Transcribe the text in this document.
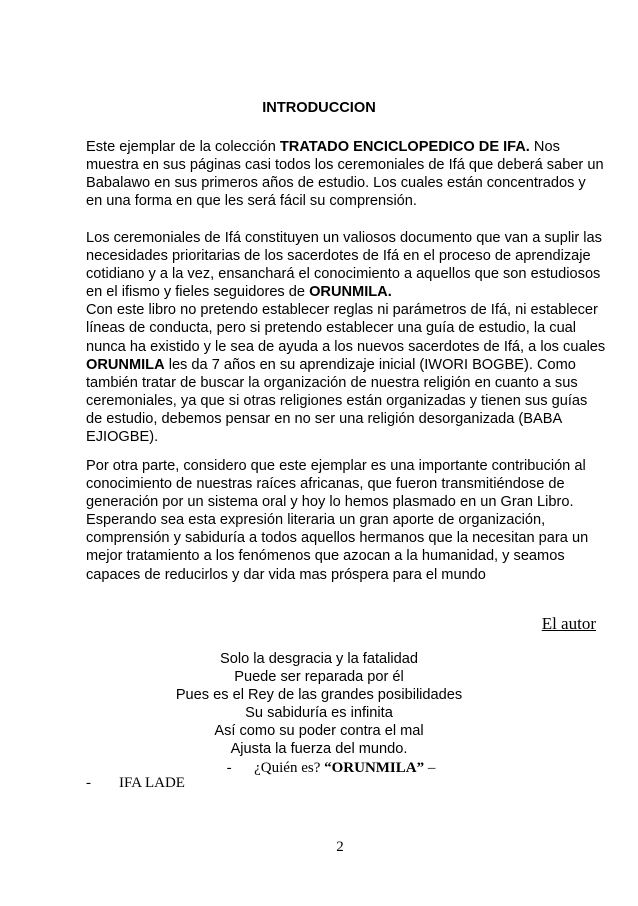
INTRODUCCION

Este ejemplar de la colección TRATADO ENCICLOPEDICO DE IFA. Nos muestra en sus páginas casi todos los ceremoniales de Ifá que deberá saber un Babalawo en sus primeros años de estudio. Los cuales están concentrados y en una forma en que les será fácil su comprensión.

Los ceremoniales de Ifá constituyen un valiosos documento que van a suplir las necesidades prioritarias de los sacerdotes de Ifá en el proceso de aprendizaje cotidiano y a la vez, ensanchará el conocimiento a aquellos que son estudiosos en el ifismo y fieles seguidores de ORUNMILA.
Con este libro no pretendo establecer reglas ni parámetros de Ifá, ni establecer líneas de conducta, pero si pretendo establecer una guía de estudio, la cual nunca ha existido y le sea de ayuda a los nuevos sacerdotes de Ifá, a los cuales ORUNMILA les da 7 años en su aprendizaje inicial (IWORI BOGBE). Como también tratar de buscar la organización de nuestra religión en cuanto a sus ceremoniales, ya que si otras religiones están organizadas y tienen sus guías de estudio, debemos pensar en no ser una religión desorganizada (BABA EJIOGBE).

Por otra parte, considero que este ejemplar es una importante contribución al conocimiento de nuestras raíces africanas, que fueron transmitiéndose de generación por un sistema oral y hoy lo hemos plasmado en un Gran Libro.
Esperando sea esta expresión literaria un gran aporte de organización, comprensión y sabiduría a todos aquellos hermanos que la necesitan para un mejor tratamiento a los fenómenos que azocan a la humanidad, y seamos capaces de reducirlos y dar vida mas próspera para el mundo

El autor
Solo la desgracia y la fatalidad
Puede ser reparada por él
Pues es el Rey de las grandes posibilidades
Su sabiduría es infinita
Así como su poder contra el mal
Ajusta la fuerza del mundo.
- ¿Quién es? “ORUNMILA” –
- IFA LADE
2
